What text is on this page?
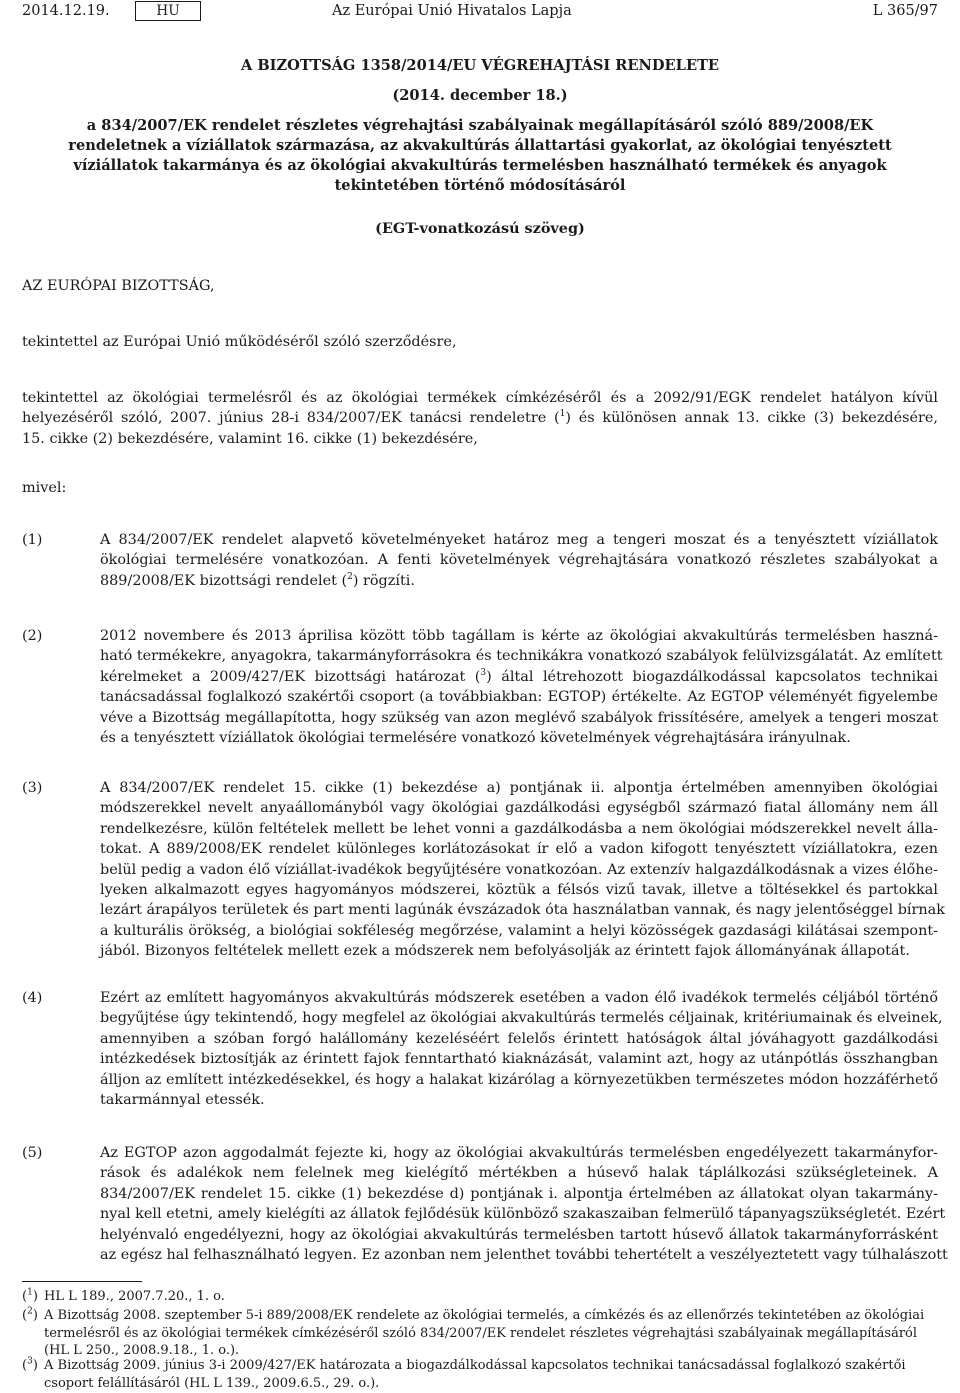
2014.12.19.	HU	Az Európai Unió Hivatalos Lapja	L 365/97
A BIZOTTSÁG 1358/2014/EU VÉGREHAJTÁSI RENDELETE
(2014. december 18.)
a 834/2007/EK rendelet részletes végrehajtási szabályainak megállapításáról szóló 889/2008/EK
rendeletnek a víziállatok származása, az akvakultúrás állattartási gyakorlat, az ökológiai tenyésztett
víziállatok takarmánya és az ökológiai akvakultúrás termelésben használható termékek és anyagok
tekintetében történő módosításáról
(EGT-vonatkozású szöveg)
AZ EURÓPAI BIZOTTSÁG,
tekintettel az Európai Unió működéséről szóló szerződésre,
tekintettel az ökológiai termelésről és az ökológiai termékek címkézéséről és a 2092/91/EGK rendelet hatályon kívül
helyezéséről szóló, 2007. június 28-i 834/2007/EK tanácsi rendeletre ($^1$) és különösen annak 13. cikke (3) bekezdésére,
15. cikke (2) bekezdésére, valamint 16. cikke (1) bekezdésére,
mivel:
(1)	A 834/2007/EK rendelet alapvető követelményeket határoz meg a tengeri moszat és a tenyésztett víziállatok
ökológiai termelésére vonatkozóan. A fenti követelmények végrehajtására vonatkozó részletes szabályokat a
889/2008/EK bizottsági rendelet ($^2$) rögzíti.
(2)	2012 novembere és 2013 áprilisa között több tagállam is kérte az ökológiai akvakultúrás termelésben haszná-
ható termékekre, anyagokra, takarmányforrásokra és technikákra vonatkozó szabályok felülvizsgálatát. Az említett
kérelmeket a 2009/427/EK bizottsági határozat ($^3$) által létrehozott biogazdálkodással kapcsolatos technikai
tanácsadással foglalkozó szakértői csoport (a továbbiakban: EGTOP) értékelte. Az EGTOP véleményét figyelembe
véve a Bizottság megállapította, hogy szükség van azon meglévő szabályok frissítésére, amelyek a tengeri moszat
és a tenyésztett víziállatok ökológiai termelésére vonatkozó követelmények végrehajtására irányulnak.
(3)	A 834/2007/EK rendelet 15. cikke (1) bekezdése a) pontjának ii. alpontja értelmében amennyiben ökológiai
módszerekkel nevelt anyaállományból vagy ökológiai gazdálkodási egységből származó fiatal állomány nem áll
rendelkezésre, külön feltételek mellett be lehet vonni a gazdálkodásba a nem ökológiai módszerekkel nevelt álla-
tokat. A 889/2008/EK rendelet különleges korlátozásokat ír elő a vadon kifogott tenyésztett víziállatokra, ezen
belül pedig a vadon élő víziállat-ivadékok begyűjtésére vonatkozóan. Az extenzív halgazdálkodásnak a vizes élőhe-
lyeken alkalmazott egyes hagyományos módszerei, köztük a félsós vizű tavak, illetve a töltésekkel és partokkal
lezárt árapályos területek és part menti lagúnák évszázadok óta használatban vannak, és nagy jelentőséggel bírnak
a kulturális örökség, a biológiai sokféleség megőrzése, valamint a helyi közösségek gazdasági kilátásai szempont-
jából. Bizonyos feltételek mellett ezek a módszerek nem befolyásolják az érintett fajok állományának állapotát.
(4)	Ezért az említett hagyományos akvakultúrás módszerek esetében a vadon élő ivadékok termelés céljából történő
begyűjtése úgy tekintendő, hogy megfelel az ökológiai akvakultúrás termelés céljainak, kritériumainak és elveinek,
amennyiben a szóban forgó halállomány kezeléséért felelős érintett hatóságok által jóváhagyott gazdálkodási
intézkedések biztosítják az érintett fajok fenntartható kiaknázását, valamint azt, hogy az utánpótlás összhangban
álljon az említett intézkedésekkel, és hogy a halakat kizárólag a környezetükben természetes módon hozzáférhető
takarmánnyal etessék.
(5)	Az EGTOP azon aggodalmát fejezte ki, hogy az ökológiai akvakultúrás termelésben engedélyezett takarmányfor-
rások és adalékok nem felelnek meg kielégítő mértékben a húsevő halak táplálkozási szükségleteinek. A
834/2007/EK rendelet 15. cikke (1) bekezdése d) pontjának i. alpontja értelmében az állatokat olyan takarmány-
nyal kell etetni, amely kielégíti az állatok fejlődésük különböző szakaszaiban felmerülő tápanyagszükségletét. Ezért
helyénvaló engedélyezni, hogy az ökológiai akvakultúrás termelésben tartott húsevő állatok takarmányforrásként
az egész hal felhasználható legyen. Ez azonban nem jelenthet további tehertételt a veszélyeztetett vagy túlhalászott
($^1$) HL L 189., 2007.7.20., 1. o.
($^2$) A Bizottság 2008. szeptember 5-i 889/2008/EK rendelete az ökológiai termelés, a címkézés és az ellenőrzés tekintetében az ökológiai
termelésről és az ökológiai termékek címkézéséről szóló 834/2007/EK rendelet részletes végrehajtási szabályainak megállapításáról
(HL L 250., 2008.9.18., 1. o.).
($^3$) A Bizottság 2009. június 3-i 2009/427/EK határozata a biogazdálkodással kapcsolatos technikai tanácsadással foglalkozó szakértői
csoport felállításáról (HL L 139., 2009.6.5., 29. o.).
